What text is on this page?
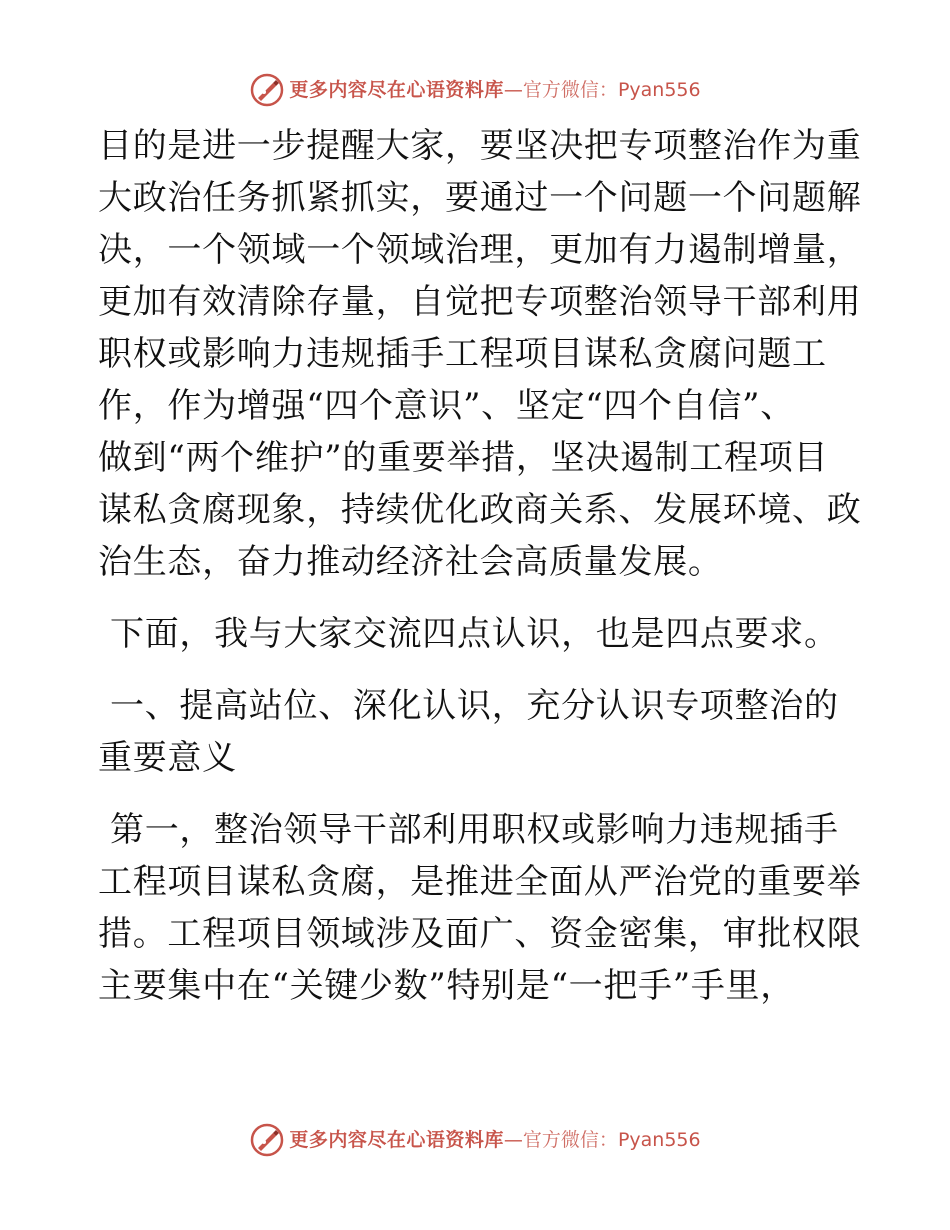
更多内容尽在心语资料库 — 官方微信： Pyan556
目的是进一步提醒大家，要坚决把专项整治作为重
大政治任务抓紧抓实，要通过一个问题一个问题解
决，一个领域一个领域治理，更加有力遏制增量，
更加有效清除存量，自觉把专项整治领导干部利用
职权或影响力违规插手工程项目谋私贪腐问题工
作，作为增强“四个意识”、坚定“四个自信”、
做到“两个维护”的重要举措，坚决遏制工程项目
谋私贪腐现象，持续优化政商关系、发展环境、政
治生态，奋力推动经济社会高质量发展。
下面，我与大家交流四点认识，也是四点要求。
一、提高站位、深化认识，充分认识专项整治的
重要意义
第一，整治领导干部利用职权或影响力违规插手
工程项目谋私贪腐，是推进全面从严治党的重要举
措。工程项目领域涉及面广、资金密集，审批权限
主要集中在“关键少数”特别是“一把手”手里，
更多内容尽在心语资料库 — 官方微信： Pyan556
